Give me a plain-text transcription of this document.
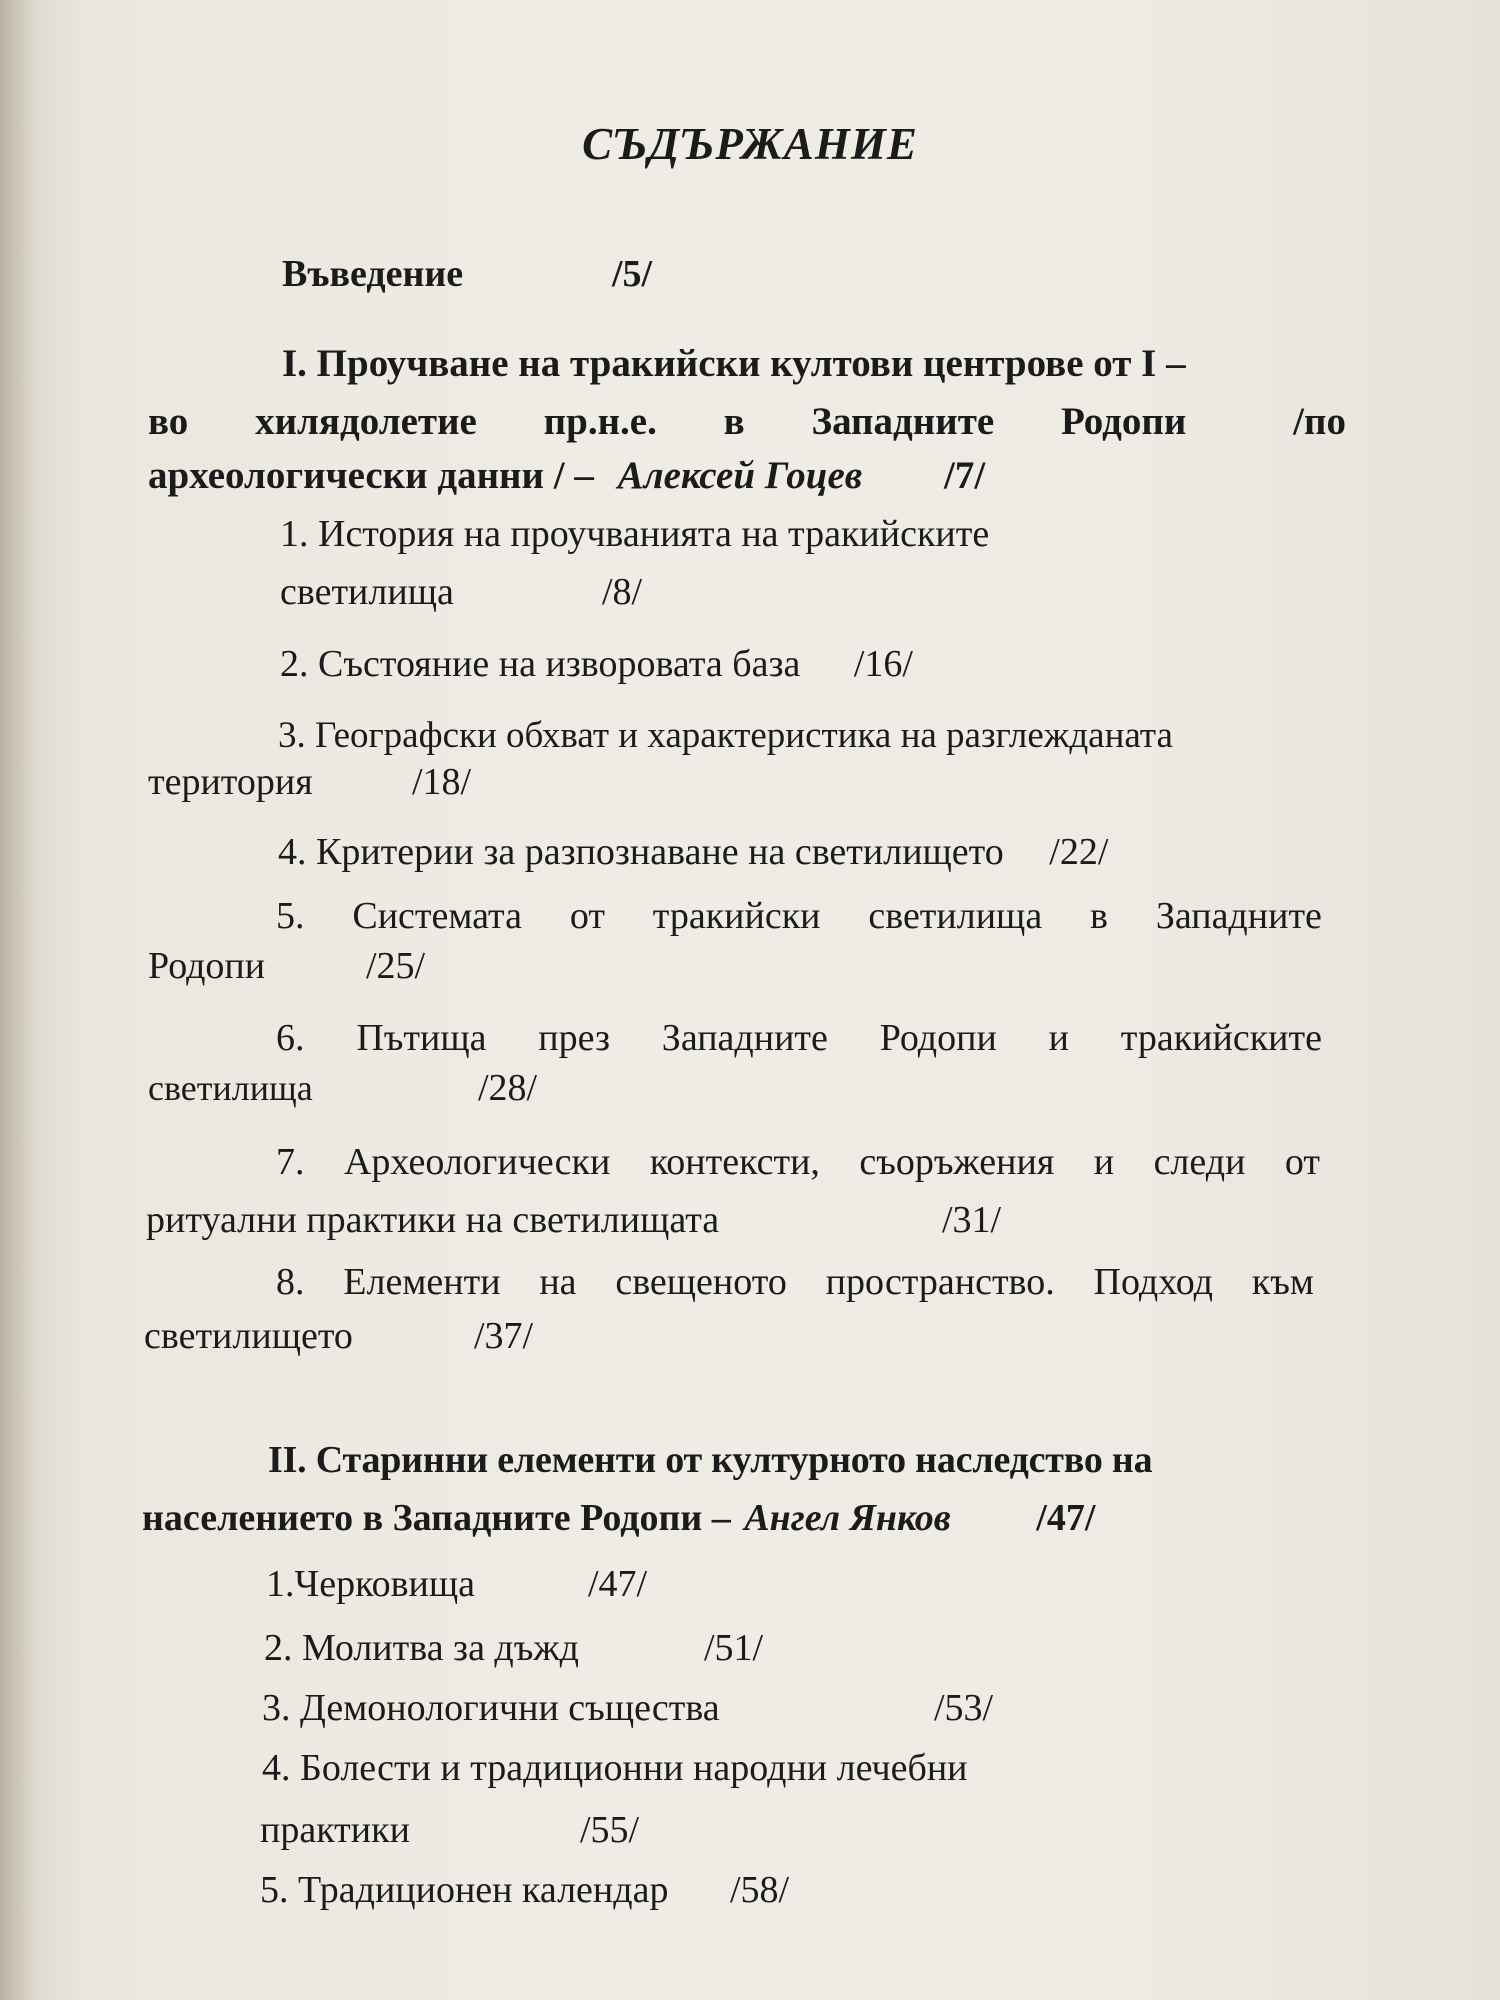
СЪДЪРЖАНИЕ
Въведение	/5/
I. Проучване на тракийски култови центрове от I –
во хилядолетие пр.н.е. в Западните Родопи	/по
археологически данни / – Алексей Гоцев /7/
1. История на проучванията на тракийските
светилища	/8/
2. Състояние на изворовата база /16/
3. Географски обхват и характеристика на разглежданата
територия	/18/
4. Критерии за разпознаване на светилището /22/
5. Системата от тракийски светилища в Западните
Родопи	/25/
6. Пътища през Западните Родопи и тракийските
светилища	/28/
7. Археологически контексти, съоръжения и следи от
ритуални практики на светилищата	/31/
8. Елементи на свещеното пространство. Подход към
светилището	/37/
II. Старинни елементи от културното наследство на
населението в Западните Родопи – Ангел Янков /47/
1.Черковища	/47/
2. Молитва за дъжд	/51/
3. Демонологични същества	/53/
4. Болести и традиционни народни лечебни
практики	/55/
5. Традиционен календар /58/
